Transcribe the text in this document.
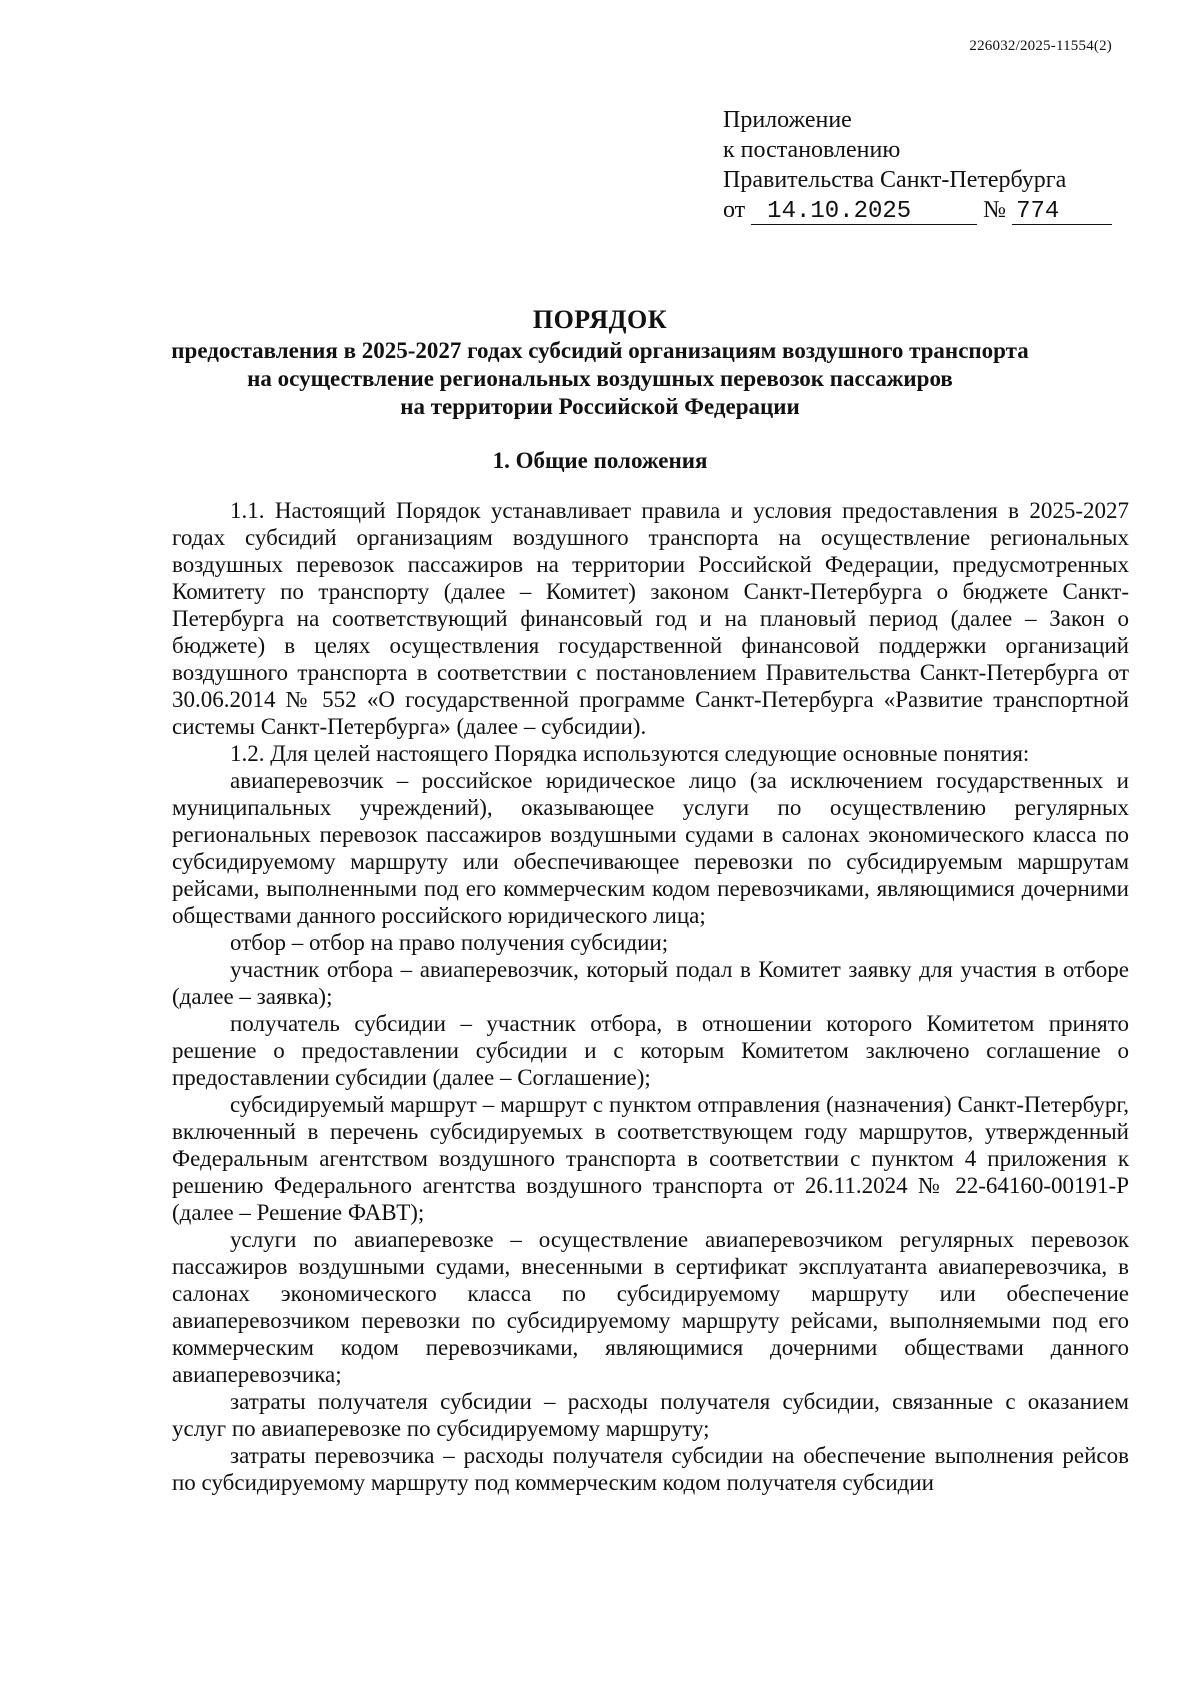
226032/2025-11554(2)
Приложение
к постановлению
Правительства Санкт-Петербурга
от 14.10.2025	№ 774
ПОРЯДОК
предоставления в 2025-2027 годах субсидий организациям воздушного транспорта
на осуществление региональных воздушных перевозок пассажиров
на территории Российской Федерации
1. Общие положения

1.1. Настоящий Порядок устанавливает правила и условия предоставления в 2025-2027 годах субсидий организациям воздушного транспорта на осуществление региональных воздушных перевозок пассажиров на территории Российской Федерации, предусмотренных Комитету по транспорту (далее – Комитет) законом Санкт-Петербурга о бюджете Санкт-Петербурга на соответствующий финансовый год и на плановый период (далее – Закон о бюджете) в целях осуществления государственной финансовой поддержки организаций воздушного транспорта в соответствии с постановлением Правительства Санкт-Петербурга от 30.06.2014 № 552 «О государственной программе Санкт-Петербурга «Развитие транспортной системы Санкт-Петербурга» (далее – субсидии).

1.2. Для целей настоящего Порядка используются следующие основные понятия:

авиаперевозчик – российское юридическое лицо (за исключением государственных и муниципальных учреждений), оказывающее услуги по осуществлению регулярных региональных перевозок пассажиров воздушными судами в салонах экономического класса по субсидируемому маршруту или обеспечивающее перевозки по субсидируемым маршрутам рейсами, выполненными под его коммерческим кодом перевозчиками, являющимися дочерними обществами данного российского юридического лица;

отбор – отбор на право получения субсидии;

участник отбора – авиаперевозчик, который подал в Комитет заявку для участия в отборе (далее – заявка);

получатель субсидии – участник отбора, в отношении которого Комитетом принято решение о предоставлении субсидии и с которым Комитетом заключено соглашение о предоставлении субсидии (далее – Соглашение);

субсидируемый маршрут – маршрут с пунктом отправления (назначения) Санкт-Петербург, включенный в перечень субсидируемых в соответствующем году маршрутов, утвержденный Федеральным агентством воздушного транспорта в соответствии с пунктом 4 приложения к решению Федерального агентства воздушного транспорта от 26.11.2024 № 22-64160-00191-Р (далее – Решение ФАВТ);

услуги по авиаперевозке – осуществление авиаперевозчиком регулярных перевозок пассажиров воздушными судами, внесенными в сертификат эксплуатанта авиаперевозчика, в салонах экономического класса по субсидируемому маршруту или обеспечение авиаперевозчиком перевозки по субсидируемому маршруту рейсами, выполняемыми под его коммерческим кодом перевозчиками, являющимися дочерними обществами данного авиаперевозчика;

затраты получателя субсидии – расходы получателя субсидии, связанные с оказанием услуг по авиаперевозке по субсидируемому маршруту;

затраты перевозчика – расходы получателя субсидии на обеспечение выполнения рейсов по субсидируемому маршруту под коммерческим кодом получателя субсидии
